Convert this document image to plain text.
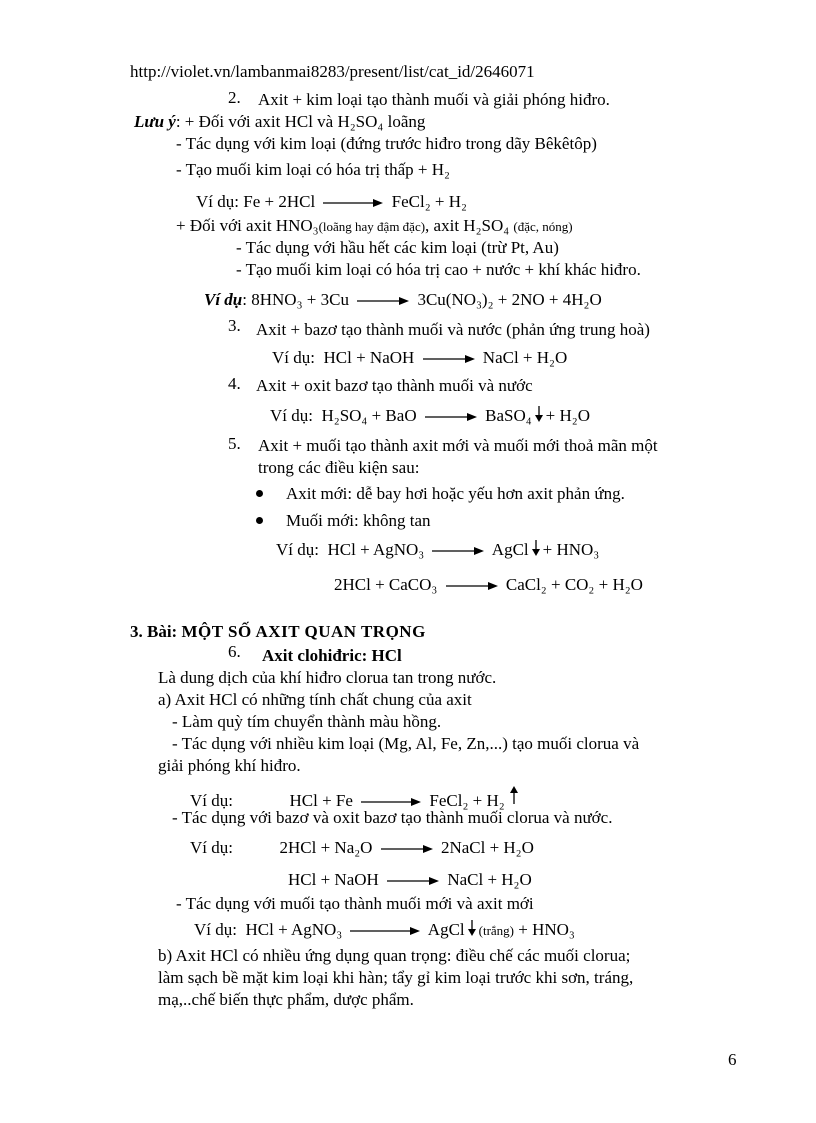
http://violet.vn/lambanmai8283/present/list/cat_id/2646071
2. Axit + kim loại tạo thành muối và giải phóng hiđro.
Lưu ý: + Đối với axit HCl và H₂SO₄ loãng
- Tác dụng với kim loại (đứng trước hiđro trong dãy Bêkêtôp)
- Tạo muối kim loại có hóa trị thấp + H₂
Ví dụ: Fe + 2HCl	FeCl₂ + H₂
+ Đối với axit HNO₃(loãng hay đậm đặc), axit H₂SO₄ (đặc, nóng)
- Tác dụng với hầu hết các kim loại (trừ Pt, Au)
- Tạo muối kim loại có hóa trị cao + nước + khí khác hiđro.
Ví dụ: 8HNO₃ + 3Cu	3Cu(NO₃)₂ + 2NO + 4H₂O
3. Axit + bazơ tạo thành muối và nước (phản ứng trung hoà)
Ví dụ: HCl + NaOH	NaCl + H₂O
4. Axit + oxit bazơ tạo thành muối và nước
Ví dụ: H₂SO₄ + BaO	BaSO₄ + H₂O
5. Axit + muối tạo thành axit mới và muối mới thoả mãn một
trong các điều kiện sau:
Axit mới: dễ bay hơi hoặc yếu hơn axit phản ứng.
Muối mới: không tan
Ví dụ: HCl + AgNO₃	AgCl + HNO₃
2HCl + CaCO₃	CaCl₂ + CO₂ + H₂O
3. Bài: MỘT SỐ AXIT QUAN TRỌNG
6. Axit clohiđric: HCl
Là dung dịch của khí hiđro clorua tan trong nước.
a) Axit HCl có những tính chất chung của axit
- Làm quỳ tím chuyển thành màu hồng.
- Tác dụng với nhiều kim loại (Mg, Al, Fe, Zn,...) tạo muối clorua và
giải phóng khí hiđro.
Ví dụ:	HCl + Fe	FeCl₂ + H₂
- Tác dụng với bazơ và oxit bazơ tạo thành muối clorua và nước.
Ví dụ:	2HCl + Na₂O	2NaCl + H₂O
HCl + NaOH	NaCl + H₂O
- Tác dụng với muối tạo thành muối mới và axit mới
Ví dụ: HCl + AgNO₃	AgCl (trắng) + HNO₃
b) Axit HCl có nhiều ứng dụng quan trọng: điều chế các muối clorua;
làm sạch bề mặt kim loại khi hàn; tẩy gỉ kim loại trước khi sơn, tráng,
mạ,..chế biến thực phẩm, dược phẩm.
6
